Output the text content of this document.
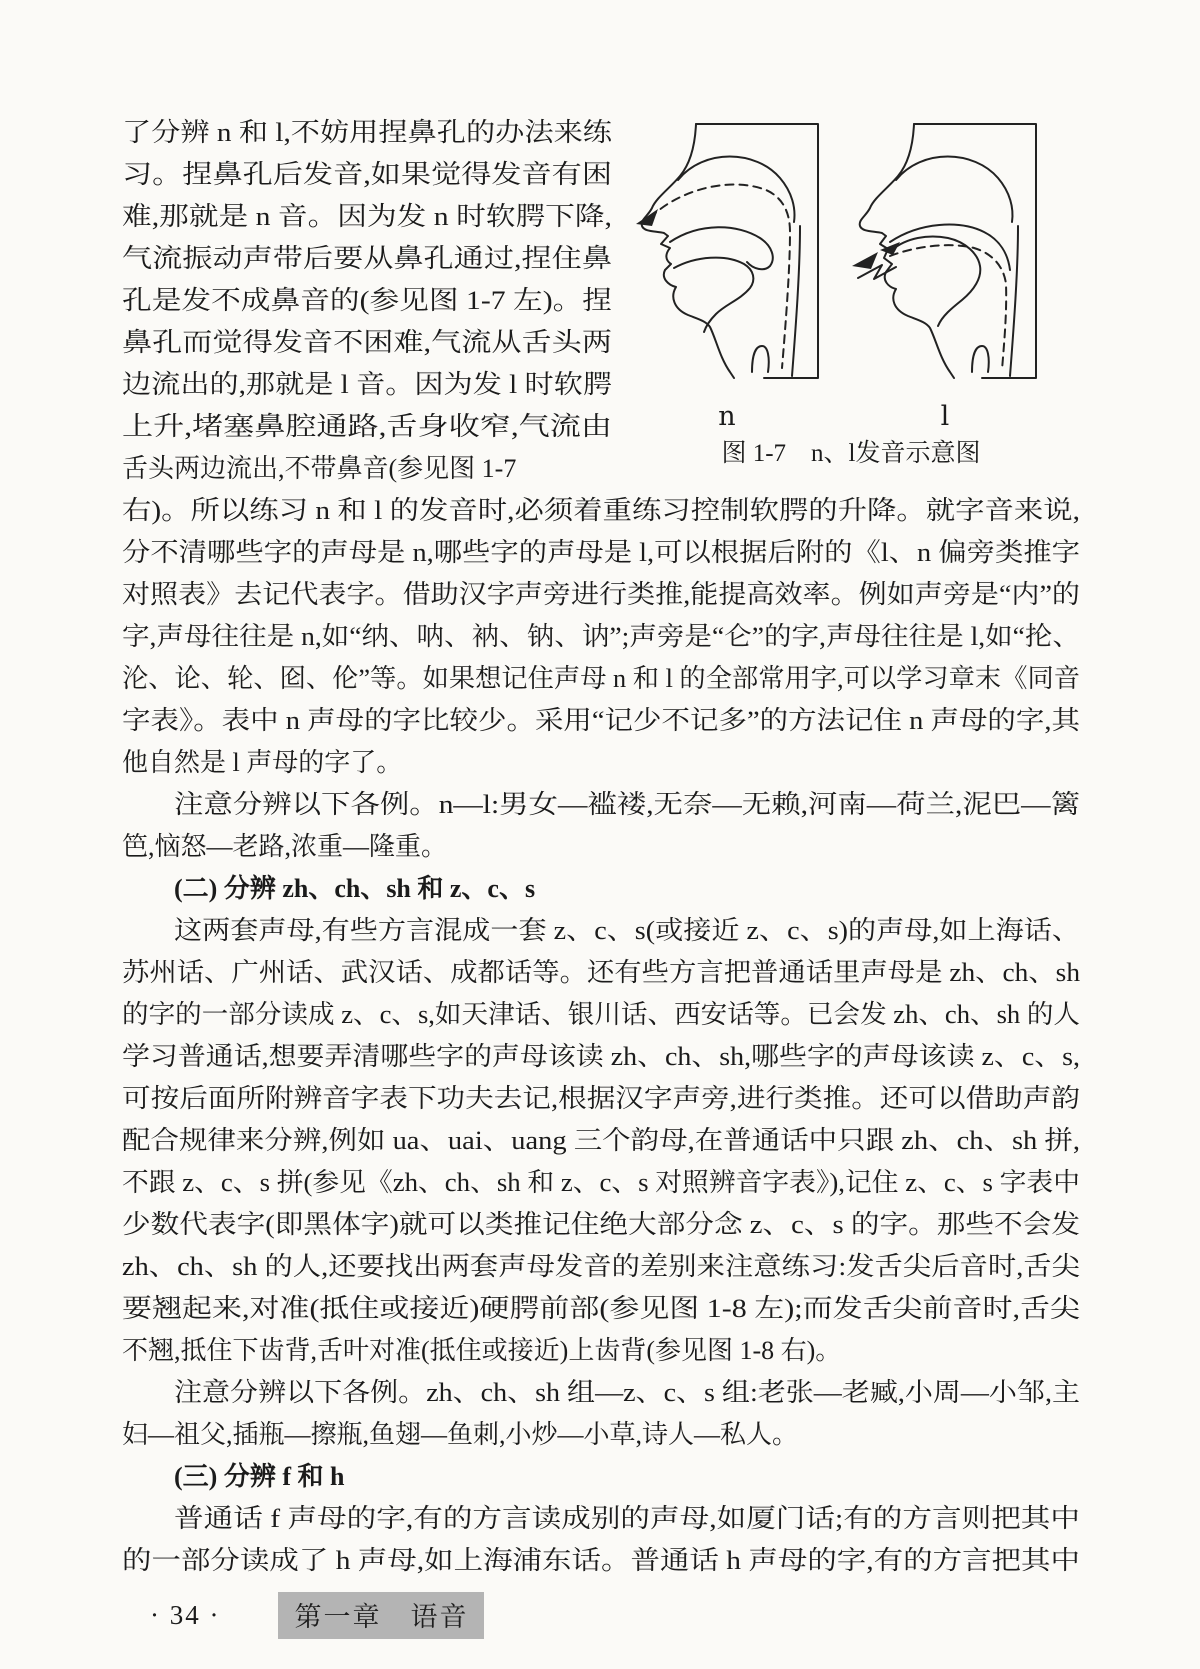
了分辨 n 和 l,不妨用捏鼻孔的办法来练
习。捏鼻孔后发音,如果觉得发音有困
难,那就是 n 音。因为发 n 时软腭下降,
气流振动声带后要从鼻孔通过,捏住鼻
孔是发不成鼻音的(参见图 1-7 左)。捏
鼻孔而觉得发音不困难,气流从舌头两
边流出的,那就是 l 音。因为发 l 时软腭
上升,堵塞鼻腔通路,舌身收窄,气流由
舌头两边流出,不带鼻音(参见图 1-7
n	l
图 1-7　n、l发音示意图
右)。所以练习 n 和 l 的发音时,必须着重练习控制软腭的升降。就字音来说,
分不清哪些字的声母是 n,哪些字的声母是 l,可以根据后附的《l、n 偏旁类推字
对照表》去记代表字。借助汉字声旁进行类推,能提高效率。例如声旁是“内”的
字,声母往往是 n,如“纳、呐、衲、钠、讷”;声旁是“仑”的字,声母往往是 l,如“抡、
沦、论、轮、囵、伦”等。如果想记住声母 n 和 l 的全部常用字,可以学习章末《同音
字表》。表中 n 声母的字比较少。采用“记少不记多”的方法记住 n 声母的字,其
他自然是 l 声母的字了。
注意分辨以下各例。n—l:男女—褴褛,无奈—无赖,河南—荷兰,泥巴—篱
笆,恼怒—老路,浓重—隆重。
(二) 分辨 zh、ch、sh 和 z、c、s
这两套声母,有些方言混成一套 z、c、s(或接近 z、c、s)的声母,如上海话、
苏州话、广州话、武汉话、成都话等。还有些方言把普通话里声母是 zh、ch、sh
的字的一部分读成 z、c、s,如天津话、银川话、西安话等。已会发 zh、ch、sh 的人
学习普通话,想要弄清哪些字的声母该读 zh、ch、sh,哪些字的声母该读 z、c、s,
可按后面所附辨音字表下功夫去记,根据汉字声旁,进行类推。还可以借助声韵
配合规律来分辨,例如 ua、uai、uang 三个韵母,在普通话中只跟 zh、ch、sh 拼,
不跟 z、c、s 拼(参见《zh、ch、sh 和 z、c、s 对照辨音字表》),记住 z、c、s 字表中
少数代表字(即黑体字)就可以类推记住绝大部分念 z、c、s 的字。那些不会发
zh、ch、sh 的人,还要找出两套声母发音的差别来注意练习:发舌尖后音时,舌尖
要翘起来,对准(抵住或接近)硬腭前部(参见图 1-8 左);而发舌尖前音时,舌尖
不翘,抵住下齿背,舌叶对准(抵住或接近)上齿背(参见图 1-8 右)。
注意分辨以下各例。zh、ch、sh 组—z、c、s 组:老张—老臧,小周—小邹,主
妇—祖父,插瓶—擦瓶,鱼翅—鱼刺,小炒—小草,诗人—私人。
(三) 分辨 f 和 h
普通话 f 声母的字,有的方言读成别的声母,如厦门话;有的方言则把其中
的一部分读成了 h 声母,如上海浦东话。普通话 h 声母的字,有的方言把其中
· 34 ·	第一章　语音
